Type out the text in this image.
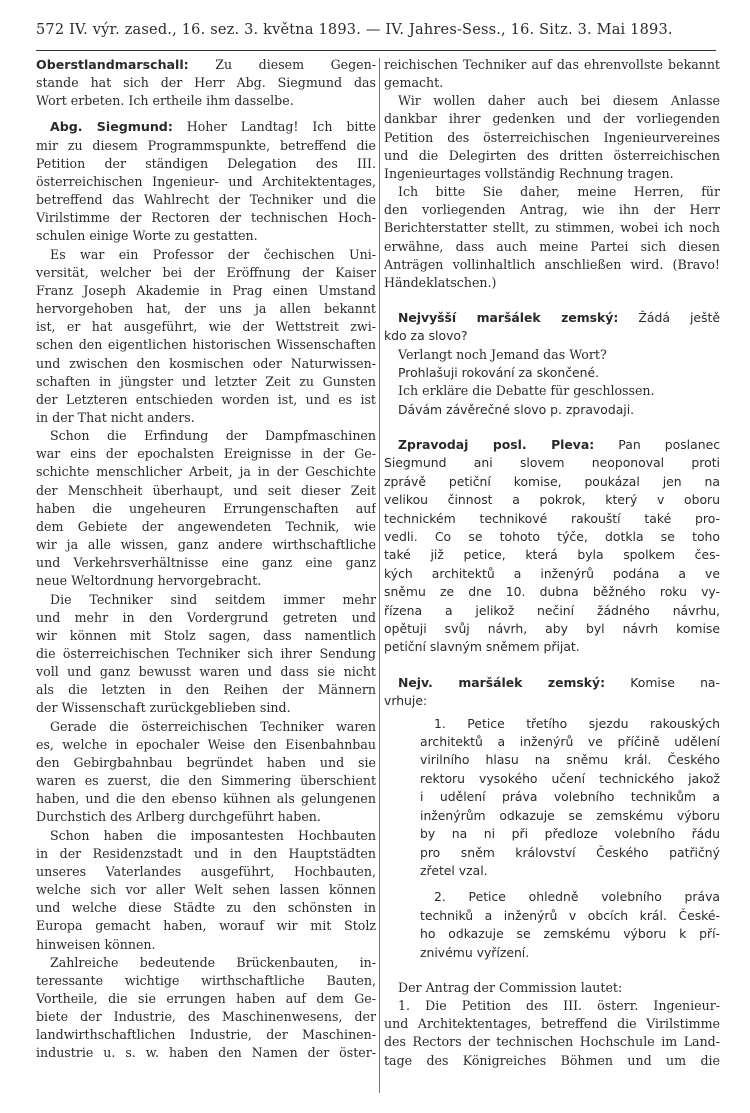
572 IV. výr. zased., 16. sez. 3. května 1893. — IV. Jahres-Sess., 16. Sitz. 3. Mai 1893.

Oberstlandmarschall: Zu diesem Gegen-

stande hat sich der Herr Abg. Siegmund das

Wort erbeten. Ich ertheile ihm dasselbe.

Abg. Siegmund: Hoher Landtag! Ich bitte

mir zu diesem Programmspunkte, betreffend die

Petition der ständigen Delegation des III.

österreichischen Ingenieur- und Architektentages,

betreffend das Wahlrecht der Techniker und die

Virilstimme der Rectoren der technischen Hoch-

schulen einige Worte zu gestatten.

Es war ein Professor der čechischen Uni-

versität, welcher bei der Eröffnung der Kaiser

Franz Joseph Akademie in Prag einen Umstand

hervorgehoben hat, der uns ja allen bekannt

ist, er hat ausgeführt, wie der Wettstreit zwi-

schen den eigentlichen historischen Wissenschaften

und zwischen den kosmischen oder Naturwissen-

schaften in jüngster und letzter Zeit zu Gunsten

der Letzteren entschieden worden ist, und es ist

in der That nicht anders.

Schon die Erfindung der Dampfmaschinen

war eins der epochalsten Ereignisse in der Ge-

schichte menschlicher Arbeit, ja in der Geschichte

der Menschheit überhaupt, und seit dieser Zeit

haben die ungeheuren Errungenschaften auf

dem Gebiete der angewendeten Technik, wie

wir ja alle wissen, ganz andere wirthschaftliche

und Verkehrsverhältnisse eine ganz eine ganz

neue Weltordnung hervorgebracht.

Die Techniker sind seitdem immer mehr

und mehr in den Vordergrund getreten und

wir können mit Stolz sagen, dass namentlich

die österreichischen Techniker sich ihrer Sendung

voll und ganz bewusst waren und dass sie nicht

als die letzten in den Reihen der Männern

der Wissenschaft zurückgeblieben sind.

Gerade die österreichischen Techniker waren

es, welche in epochaler Weise den Eisenbahnbau

den Gebirgbahnbau begründet haben und sie

waren es zuerst, die den Simmering überschient

haben, und die den ebenso kühnen als gelungenen

Durchstich des Arlberg durchgeführt haben.

Schon haben die imposantesten Hochbauten

in der Residenzstadt und in den Hauptstädten

unseres Vaterlandes ausgeführt, Hochbauten,

welche sich vor aller Welt sehen lassen können

und welche diese Städte zu den schönsten in

Europa gemacht haben, worauf wir mit Stolz

hinweisen können.

Zahlreiche bedeutende Brückenbauten, in-

teressante wichtige wirthschaftliche Bauten,

Vortheile, die sie errungen haben auf dem Ge-

biete der Industrie, des Maschinenwesens, der

landwirthschaftlichen Industrie, der Maschinen-

industrie u. s. w. haben den Namen der öster-

reichischen Techniker auf das ehrenvollste bekannt

gemacht.

Wir wollen daher auch bei diesem Anlasse

dankbar ihrer gedenken und der vorliegenden

Petition des österreichischen Ingenieurvereines

und die Delegirten des dritten österreichischen

Ingenieurtages vollständig Rechnung tragen.

Ich bitte Sie daher, meine Herren, für

den vorliegenden Antrag, wie ihn der Herr

Berichterstatter stellt, zu stimmen, wobei ich noch

erwähne, dass auch meine Partei sich diesen

Anträgen vollinhaltlich anschließen wird. (Bravo!

Händeklatschen.)

Nejvyšší maršálek zemský: Žádá ještě

kdo za slovo?

Verlangt noch Jemand das Wort?

Prohlašuji rokování za skončené.

Ich erkläre die Debatte für geschlossen.

Dávám závěrečné slovo p. zpravodaji.

Zpravodaj posl. Pleva: Pan poslanec

Siegmund ani slovem neoponoval proti

zprávě petiční komise, poukázal jen na

velikou činnost a pokrok, který v oboru

technickém technikové rakouští také pro-

vedli. Co se tohoto týče, dotkla se toho

také již petice, která byla spolkem čes-

kých architektů a inženýrů podána a ve

sněmu ze dne 10. dubna běžného roku vy-

řízena a jelikož nečiní žádného návrhu,

opětuji svůj návrh, aby byl návrh komise

petiční slavným sněmem přijat.

Nejv. maršálek zemský: Komise na-

vrhuje:

1. Petice třetího sjezdu rakouských

architektů a inženýrů ve příčině udělení

virilního hlasu na sněmu král. Českého

rektoru vysokého učení technického jakož

i udělení práva volebního technikům a

inženýrům odkazuje se zemskému výboru

by na ni při předloze volebního řádu

pro sněm království Českého patřičný

zřetel vzal.

2. Petice ohledně volebního práva

techniků a inženýrů v obcích král. České-

ho odkazuje se zemskému výboru k pří-

znivému vyřízení.

Der Antrag der Commission lautet:

1. Die Petition des III. österr. Ingenieur-

und Architektentages, betreffend die Virilstimme

des Rectors der technischen Hochschule im Land-

tage des Königreiches Böhmen und um die
